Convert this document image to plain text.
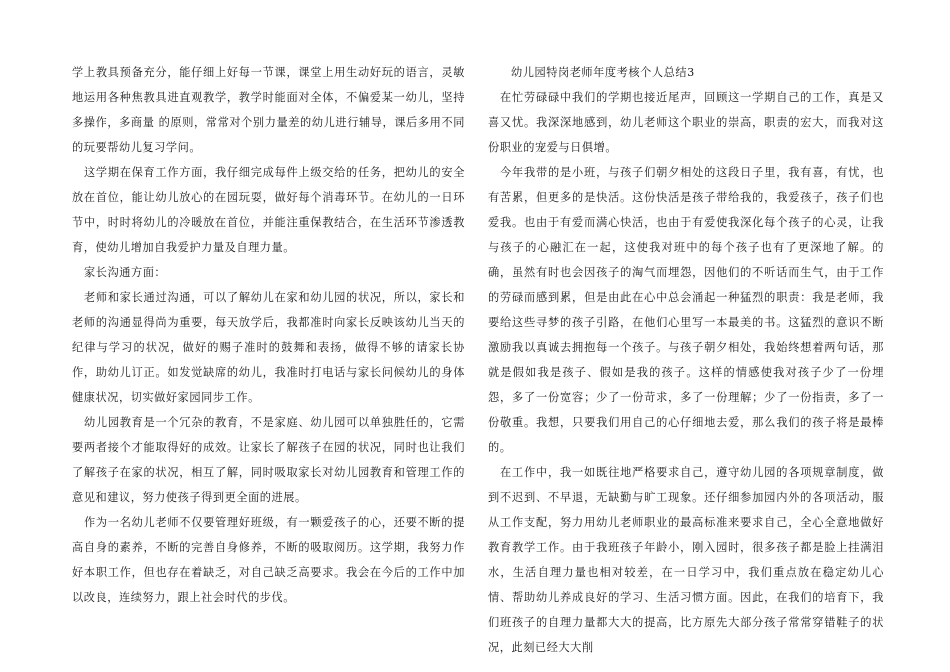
学上教具预备充分，能仔细上好每一节课，课堂上用生动好玩的语言，灵敏地运用各种焦教具进直观教学，教学时能面对全体，不偏爱某一幼儿，坚持多操作，多商量 的原则，常常对个别力量差的幼儿进行辅导，课后多用不同的玩要帮幼儿复习学问。

这学期在保育工作方面，我仔细完成每件上级交给的任务，把幼儿的安全放在首位，能让幼儿放心的在园玩耍，做好每个消毒环节。在幼儿的一日环节中，时时将幼儿的冷暖放在首位，并能注重保教结合，在生活环节渗透教育，使幼儿增加自我爱护力量及自理力量。

家长沟通方面：

老师和家长通过沟通，可以了解幼儿在家和幼儿园的状况，所以，家长和老师的沟通显得尚为重要，每天放学后，我都准时向家长反映该幼儿当天的纪律与学习的状况，做好的赐子准时的鼓舞和表扬，做得不够的请家长协作，助幼儿订正。如发觉缺席的幼儿，我准时打电话与家长问候幼儿的身体健康状况，切实做好家园同步工作。

幼儿园教育是一个冗杂的教育，不是家庭、幼儿园可以单独胜任的，它需要两者接个才能取得好的成效。让家长了解孩子在园的状况，同时也让我们了解孩子在家的状况，相互了解，同时吸取家长对幼儿园教育和管理工作的意见和建议，努力使孩子得到更全面的进展。

作为一名幼儿老师不仅要管理好班级，有一颗爱孩子的心，还要不断的提高自身的素养，不断的完善自身修养，不断的吸取阅历。这学期，我努力作好本职工作，但也存在着缺乏，对自己缺乏高要求。我会在今后的工作中加以改良，连续努力，跟上社会时代的步伐。

幼儿园特岗老师年度考核个人总结3

在忙劳碌碌中我们的学期也接近尾声，回顾这一学期自己的工作，真是又喜又忧。我深深地感到，幼儿老师这个职业的崇高，职责的宏大，而我对这份职业的宠爱与日俱增。

今年我带的是小班，与孩子们朝夕相处的这段日子里，我有喜，有忧，也有苦累，但更多的是快活。这份快活是孩子带给我的，我爱孩子，孩子们也爱我。也由于有爱而满心快活，也由于有爱使我深化每个孩子的心灵，让我与孩子的心融汇在一起，这使我对班中的每个孩子也有了更深地了解。的确，虽然有时也会因孩子的淘气而埋怨，因他们的不听话而生气，由于工作的劳碌而感到累，但是由此在心中总会涌起一种猛烈的职责：我是老师，我要给这些寻梦的孩子引路，在他们心里写一本最美的书。这猛烈的意识不断激励我以真诚去拥抱每一个孩子。与孩子朝夕相处，我始终想着两句话，那就是假如我是孩子、假如是我的孩子。这样的情感使我对孩子少了一份埋怨，多了一份宽容；少了一份苛求，多了一份理解；少了一份指责，多了一份敬重。我想，只要我们用自己的心仔细地去爱，那么我们的孩子将是最棒的。

在工作中，我一如既往地严格要求自己，遵守幼儿园的各项规章制度，做到不迟到、不早退，无缺勤与旷工现象。还仔细参加园内外的各项活动，服从工作支配，努力用幼儿老师职业的最高标准来要求自己，全心全意地做好教育教学工作。由于我班孩子年龄小，刚入园时，很多孩子都是脸上挂满泪水，生活自理力量也相对较差，在一日学习中，我们重点放在稳定幼儿心情、帮助幼儿养成良好的学习、生活习惯方面。因此，在我们的培育下，我们班孩子的自理力量都大大的提高，比方原先大部分孩子常常穿错鞋子的状况，此刻已经大大削
